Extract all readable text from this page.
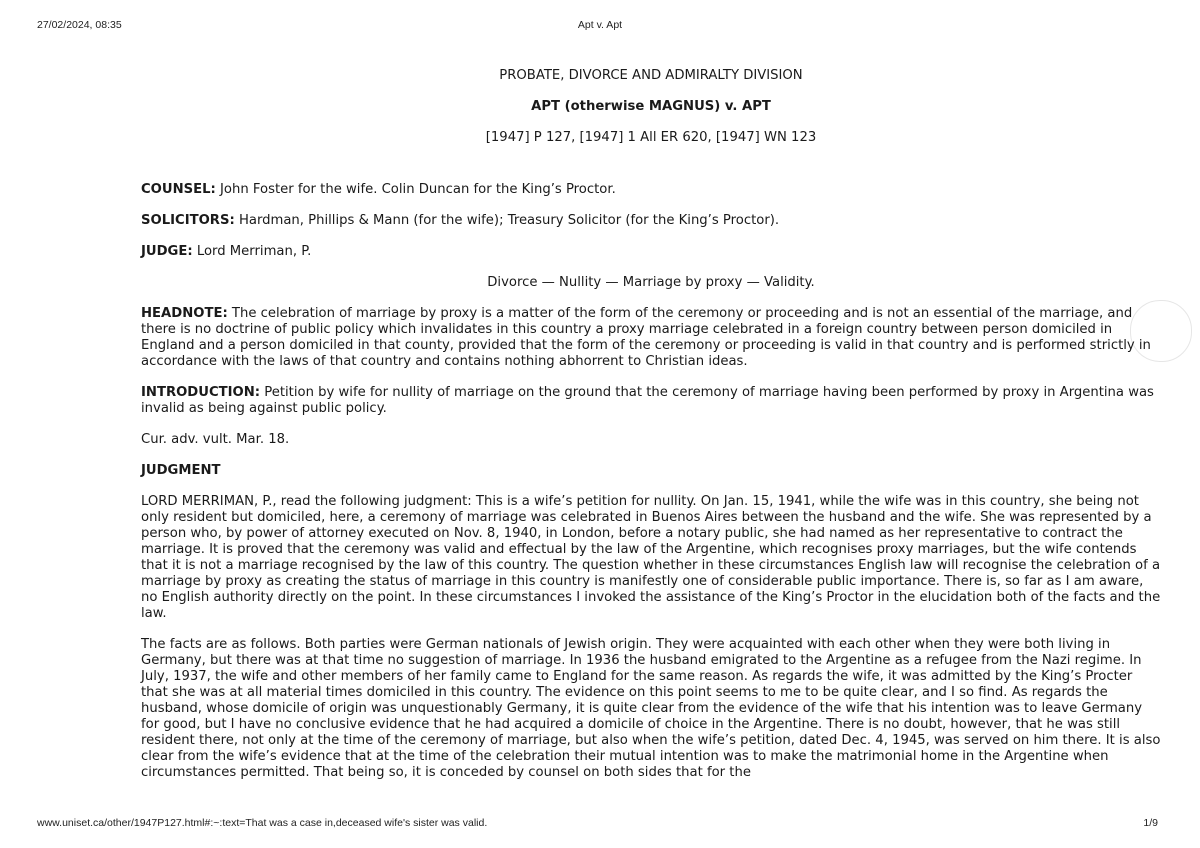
27/02/2024, 08:35	Apt v. Apt

PROBATE, DIVORCE AND ADMIRALTY DIVISION

APT (otherwise MAGNUS) v. APT

[1947] P 127, [1947] 1 All ER 620, [1947] WN 123

COUNSEL: John Foster for the wife. Colin Duncan for the King’s Proctor.

SOLICITORS: Hardman, Phillips & Mann (for the wife); Treasury Solicitor (for the King’s Proctor).

JUDGE: Lord Merriman, P.

Divorce — Nullity — Marriage by proxy — Validity.

HEADNOTE: The celebration of marriage by proxy is a matter of the form of the ceremony or proceeding and is not an essential of the marriage, and there is no doctrine of public policy which invalidates in this country a proxy marriage celebrated in a foreign country between person domiciled in England and a person domiciled in that county, provided that the form of the ceremony or proceeding is valid in that country and is performed strictly in accordance with the laws of that country and contains nothing abhorrent to Christian ideas.

INTRODUCTION: Petition by wife for nullity of marriage on the ground that the ceremony of marriage having been performed by proxy in Argentina was invalid as being against public policy.

Cur. adv. vult. Mar. 18.

JUDGMENT

LORD MERRIMAN, P., read the following judgment: This is a wife’s petition for nullity. On Jan. 15, 1941, while the wife was in this country, she being not only resident but domiciled, here, a ceremony of marriage was celebrated in Buenos Aires between the husband and the wife. She was represented by a person who, by power of attorney executed on Nov. 8, 1940, in London, before a notary public, she had named as her representative to contract the marriage. It is proved that the ceremony was valid and effectual by the law of the Argentine, which recognises proxy marriages, but the wife contends that it is not a marriage recognised by the law of this country. The question whether in these circumstances English law will recognise the celebration of a marriage by proxy as creating the status of marriage in this country is manifestly one of considerable public importance. There is, so far as I am aware, no English authority directly on the point. In these circumstances I invoked the assistance of the King’s Proctor in the elucidation both of the facts and the law.

The facts are as follows. Both parties were German nationals of Jewish origin. They were acquainted with each other when they were both living in Germany, but there was at that time no suggestion of marriage. In 1936 the husband emigrated to the Argentine as a refugee from the Nazi regime. In July, 1937, the wife and other members of her family came to England for the same reason. As regards the wife, it was admitted by the King’s Procter that she was at all material times domiciled in this country. The evidence on this point seems to me to be quite clear, and I so find. As regards the husband, whose domicile of origin was unquestionably Germany, it is quite clear from the evidence of the wife that his intention was to leave Germany for good, but I have no conclusive evidence that he had acquired a domicile of choice in the Argentine. There is no doubt, however, that he was still resident there, not only at the time of the ceremony of marriage, but also when the wife’s petition, dated Dec. 4, 1945, was served on him there. It is also clear from the wife’s evidence that at the time of the celebration their mutual intention was to make the matrimonial home in the Argentine when circumstances permitted. That being so, it is conceded by counsel on both sides that for the

www.uniset.ca/other/1947P127.html#:~:text=That was a case in,deceased wife's sister was valid.	1/9
